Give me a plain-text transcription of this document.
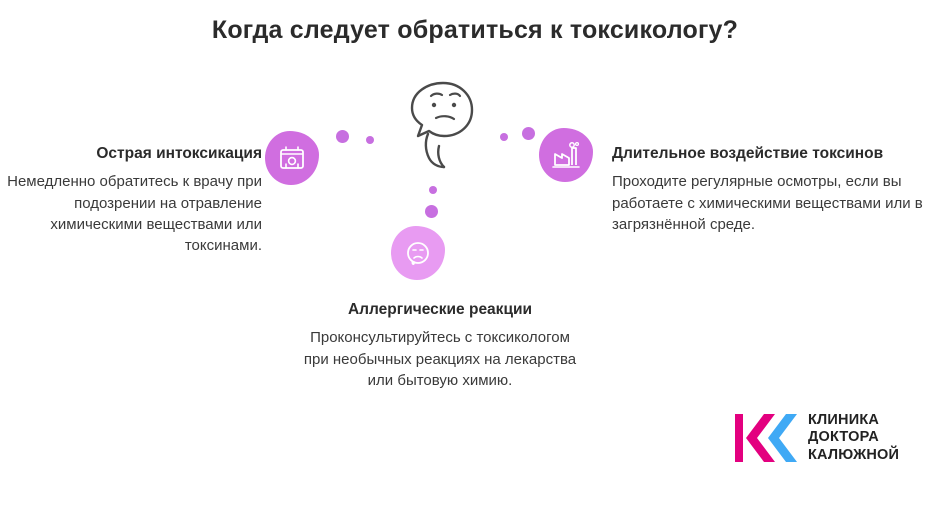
Когда следует обратиться к токсикологу?
Острая интоксикация

Немедленно обратитесь к врачу при подозрении на отравление химическими веществами или токсинами.

Длительное воздействие токсинов

Проходите регулярные осмотры, если вы работаете с химическими веществами или в загрязнённой среде.

Аллергические реакции

Проконсультируйтесь с токсикологом при необычных реакциях на лекарства или бытовую химию.

КЛИНИКА
ДОКТОРА
КАЛЮЖНОЙ
